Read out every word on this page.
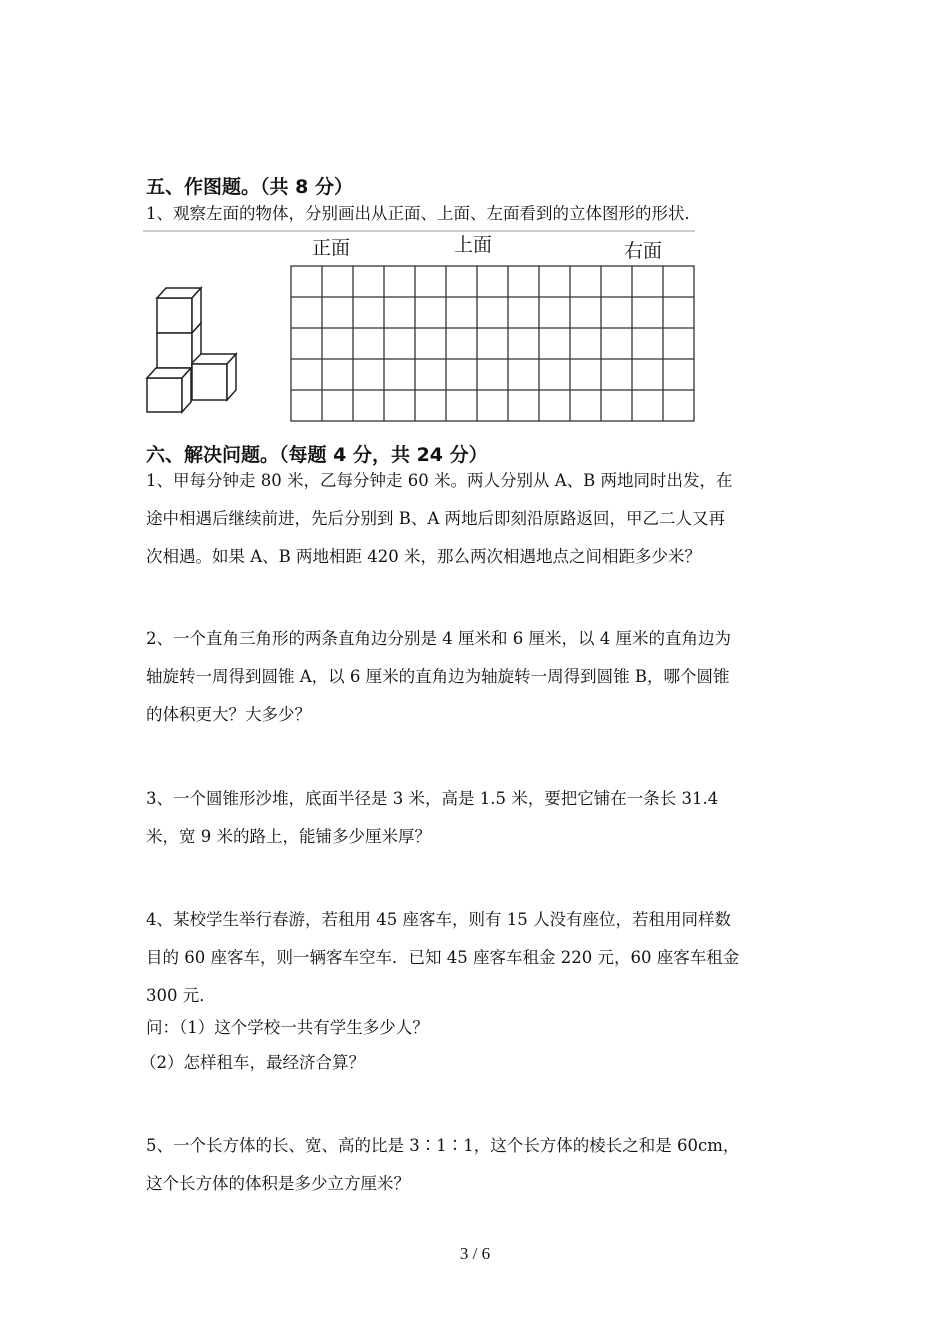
五、作图题。（共 8 分）
1、观察左面的物体，分别画出从正面、上面、左面看到的立体图形的形状．
正面	上面	右面
六、解决问题。（每题 4 分，共 24 分）
1、甲每分钟走 80 米，乙每分钟走 60 米。两人分别从 A、B 两地同时出发，在
途中相遇后继续前进，先后分别到 B、A 两地后即刻沿原路返回，甲乙二人又再
次相遇。如果 A、B 两地相距 420 米，那么两次相遇地点之间相距多少米？
2、一个直角三角形的两条直角边分别是 4 厘米和 6 厘米，以 4 厘米的直角边为
轴旋转一周得到圆锥 A，以 6 厘米的直角边为轴旋转一周得到圆锥 B，哪个圆锥
的体积更大？大多少？
3、一个圆锥形沙堆，底面半径是 3 米，高是 1.5 米，要把它铺在一条长 31.4
米，宽 9 米的路上，能铺多少厘米厚？
4、某校学生举行春游，若租用 45 座客车，则有 15 人没有座位，若租用同样数
目的 60 座客车，则一辆客车空车．已知 45 座客车租金 220 元，60 座客车租金
300 元．
问：（1）这个学校一共有学生多少人？
（2）怎样租车，最经济合算？
5、一个长方体的长、宽、高的比是 3∶1∶1，这个长方体的棱长之和是 60cm，
这个长方体的体积是多少立方厘米？
3 / 6
